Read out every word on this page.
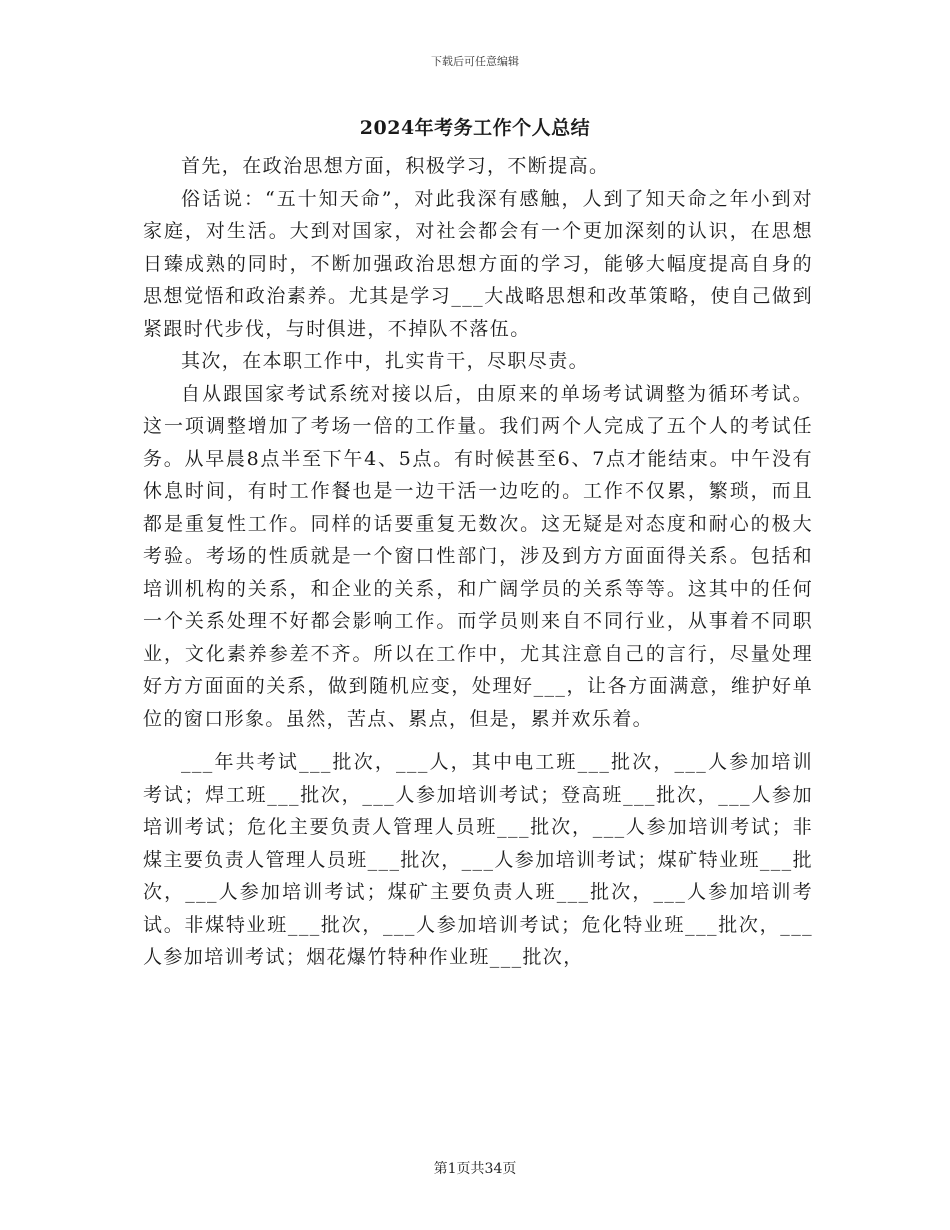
下载后可任意编辑
2024年考务工作个人总结

首先，在政治思想方面，积极学习，不断提高。

俗话说：“五十知天命”，对此我深有感触，人到了知天命之年小到对家庭，对生活。大到对国家，对社会都会有一个更加深刻的认识，在思想日臻成熟的同时，不断加强政治思想方面的学习，能够大幅度提高自身的思想觉悟和政治素养。尤其是学习___大战略思想和改革策略，使自己做到紧跟时代步伐，与时俱进，不掉队不落伍。

其次，在本职工作中，扎实肯干，尽职尽责。

自从跟国家考试系统对接以后，由原来的单场考试调整为循环考试。这一项调整增加了考场一倍的工作量。我们两个人完成了五个人的考试任务。从早晨8点半至下午4、5点。有时候甚至6、7点才能结束。中午没有休息时间，有时工作餐也是一边干活一边吃的。工作不仅累，繁琐，而且都是重复性工作。同样的话要重复无数次。这无疑是对态度和耐心的极大考验。考场的性质就是一个窗口性部门，涉及到方方面面得关系。包括和培训机构的关系，和企业的关系，和广阔学员的关系等等。这其中的任何一个关系处理不好都会影响工作。而学员则来自不同行业，从事着不同职业，文化素养参差不齐。所以在工作中，尤其注意自己的言行，尽量处理好方方面面的关系，做到随机应变，处理好___，让各方面满意，维护好单位的窗口形象。虽然，苦点、累点，但是，累并欢乐着。

___年共考试___批次，___人，其中电工班___批次，___人参加培训考试；焊工班___批次，___人参加培训考试；登高班___批次，___人参加培训考试；危化主要负责人管理人员班___批次，___人参加培训考试；非煤主要负责人管理人员班___批次，___人参加培训考试；煤矿特业班___批次，___人参加培训考试；煤矿主要负责人班___批次，___人参加培训考试。非煤特业班___批次，___人参加培训考试；危化特业班___批次，___人参加培训考试；烟花爆竹特种作业班___批次，

第1页共34页
